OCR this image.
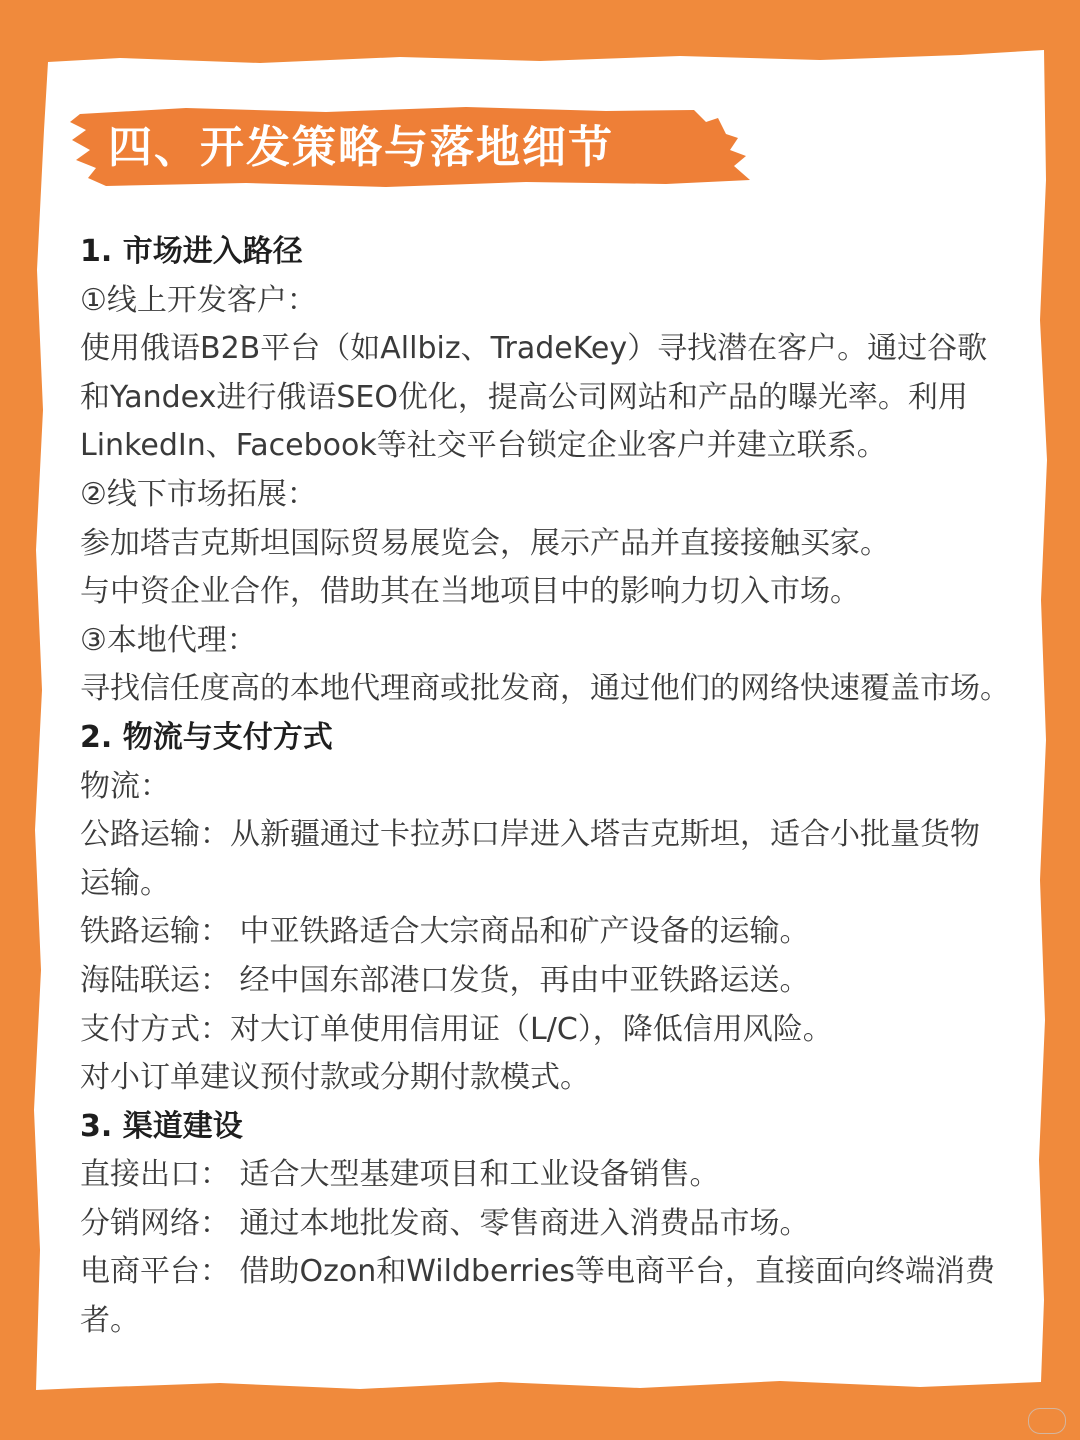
四、开发策略与落地细节
1. 市场进入路径
①线上开发客户：
使用俄语B2B平台（如Allbiz、TradeKey）寻找潜在客户。通过谷歌
和Yandex进行俄语SEO优化，提高公司网站和产品的曝光率。利用
LinkedIn、Facebook等社交平台锁定企业客户并建立联系。
②线下市场拓展：
参加塔吉克斯坦国际贸易展览会，展示产品并直接接触买家。
与中资企业合作，借助其在当地项目中的影响力切入市场。
③本地代理：
寻找信任度高的本地代理商或批发商，通过他们的网络快速覆盖市场。
2. 物流与支付方式
物流：
公路运输：从新疆通过卡拉苏口岸进入塔吉克斯坦，适合小批量货物
运输。
铁路运输： 中亚铁路适合大宗商品和矿产设备的运输。
海陆联运： 经中国东部港口发货，再由中亚铁路运送。
支付方式：对大订单使用信用证（L/C），降低信用风险。
对小订单建议预付款或分期付款模式。
3. 渠道建设
直接出口： 适合大型基建项目和工业设备销售。
分销网络： 通过本地批发商、零售商进入消费品市场。
电商平台： 借助Ozon和Wildberries等电商平台，直接面向终端消费
者。
